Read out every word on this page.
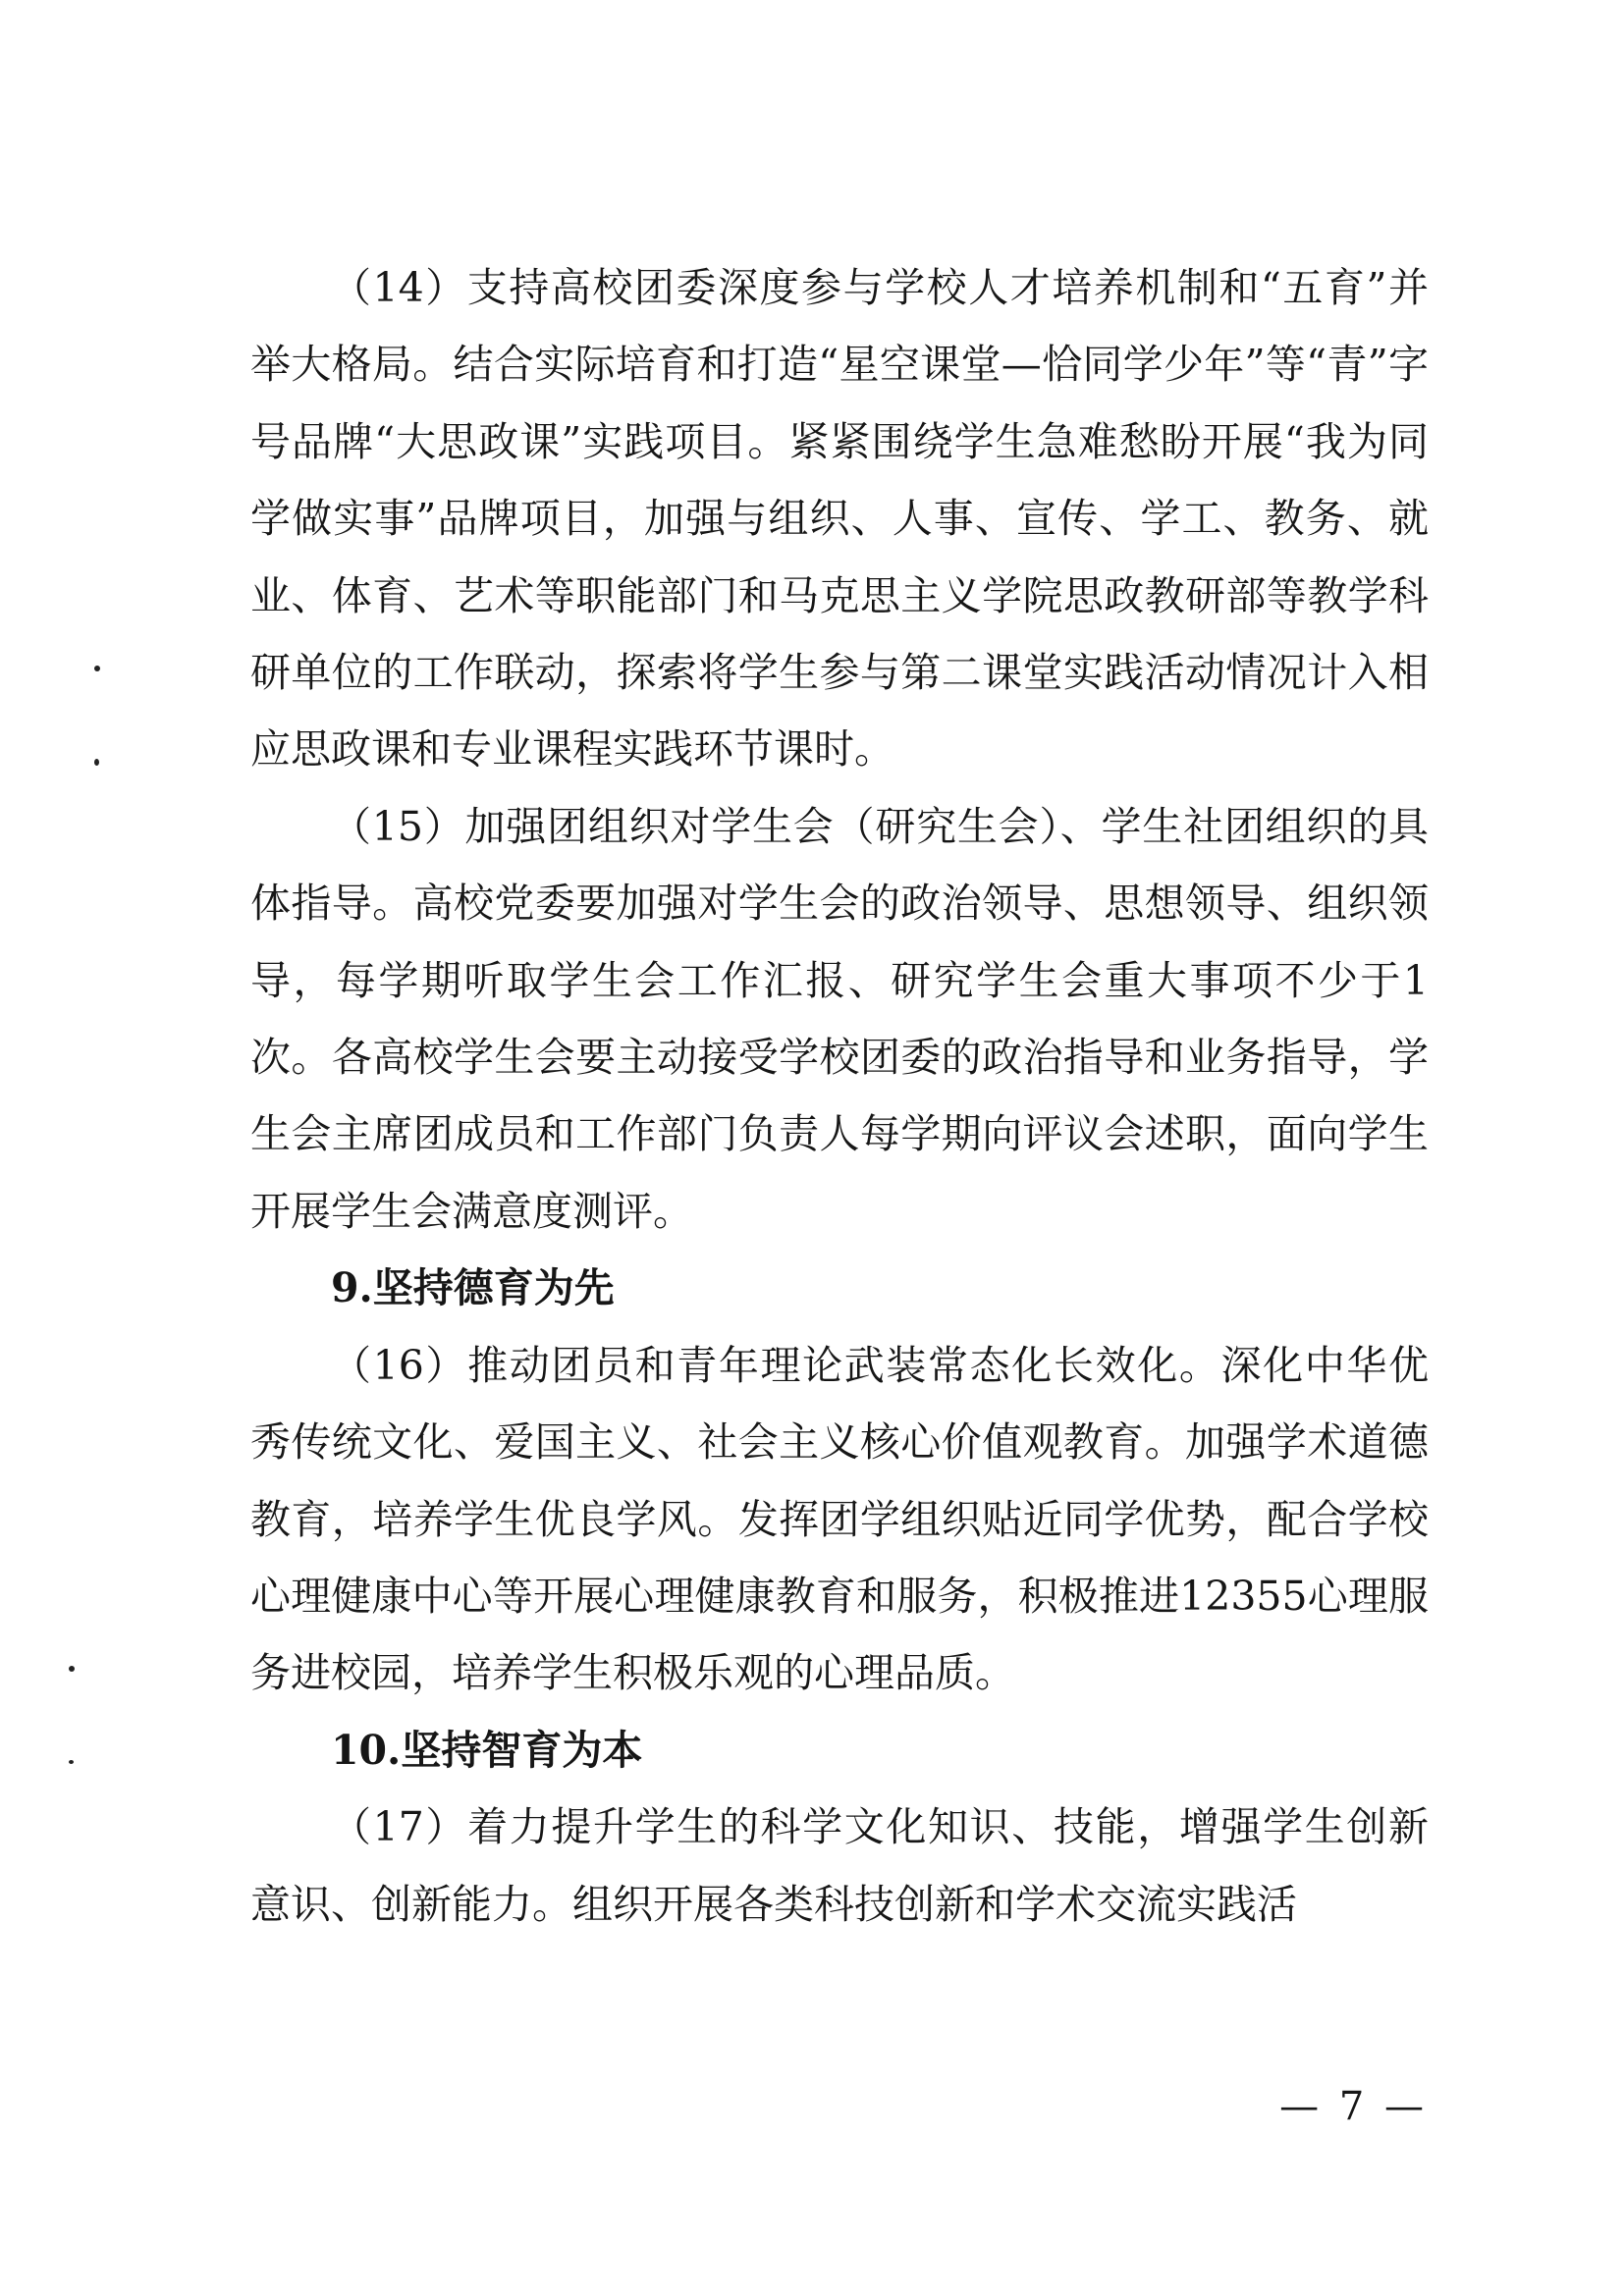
（14）支持高校团委深度参与学校人才培养机制和“五育”并举大格局。结合实际培育和打造“星空课堂—恰同学少年”等“青”字号品牌“大思政课”实践项目。紧紧围绕学生急难愁盼开展“我为同学做实事”品牌项目，加强与组织、人事、宣传、学工、教务、就业、体育、艺术等职能部门和马克思主义学院思政教研部等教学科研单位的工作联动，探索将学生参与第二课堂实践活动情况计入相应思政课和专业课程实践环节课时。

（15）加强团组织对学生会（研究生会）、学生社团组织的具体指导。高校党委要加强对学生会的政治领导、思想领导、组织领导，每学期听取学生会工作汇报、研究学生会重大事项不少于1次。各高校学生会要主动接受学校团委的政治指导和业务指导，学生会主席团成员和工作部门负责人每学期向评议会述职，面向学生开展学生会满意度测评。

9.坚持德育为先

（16）推动团员和青年理论武装常态化长效化。深化中华优秀传统文化、爱国主义、社会主义核心价值观教育。加强学术道德教育，培养学生优良学风。发挥团学组织贴近同学优势，配合学校心理健康中心等开展心理健康教育和服务，积极推进12355心理服务进校园，培养学生积极乐观的心理品质。

10.坚持智育为本

（17）着力提升学生的科学文化知识、技能，增强学生创新意识、创新能力。组织开展各类科技创新和学术交流实践活

— 7 —
